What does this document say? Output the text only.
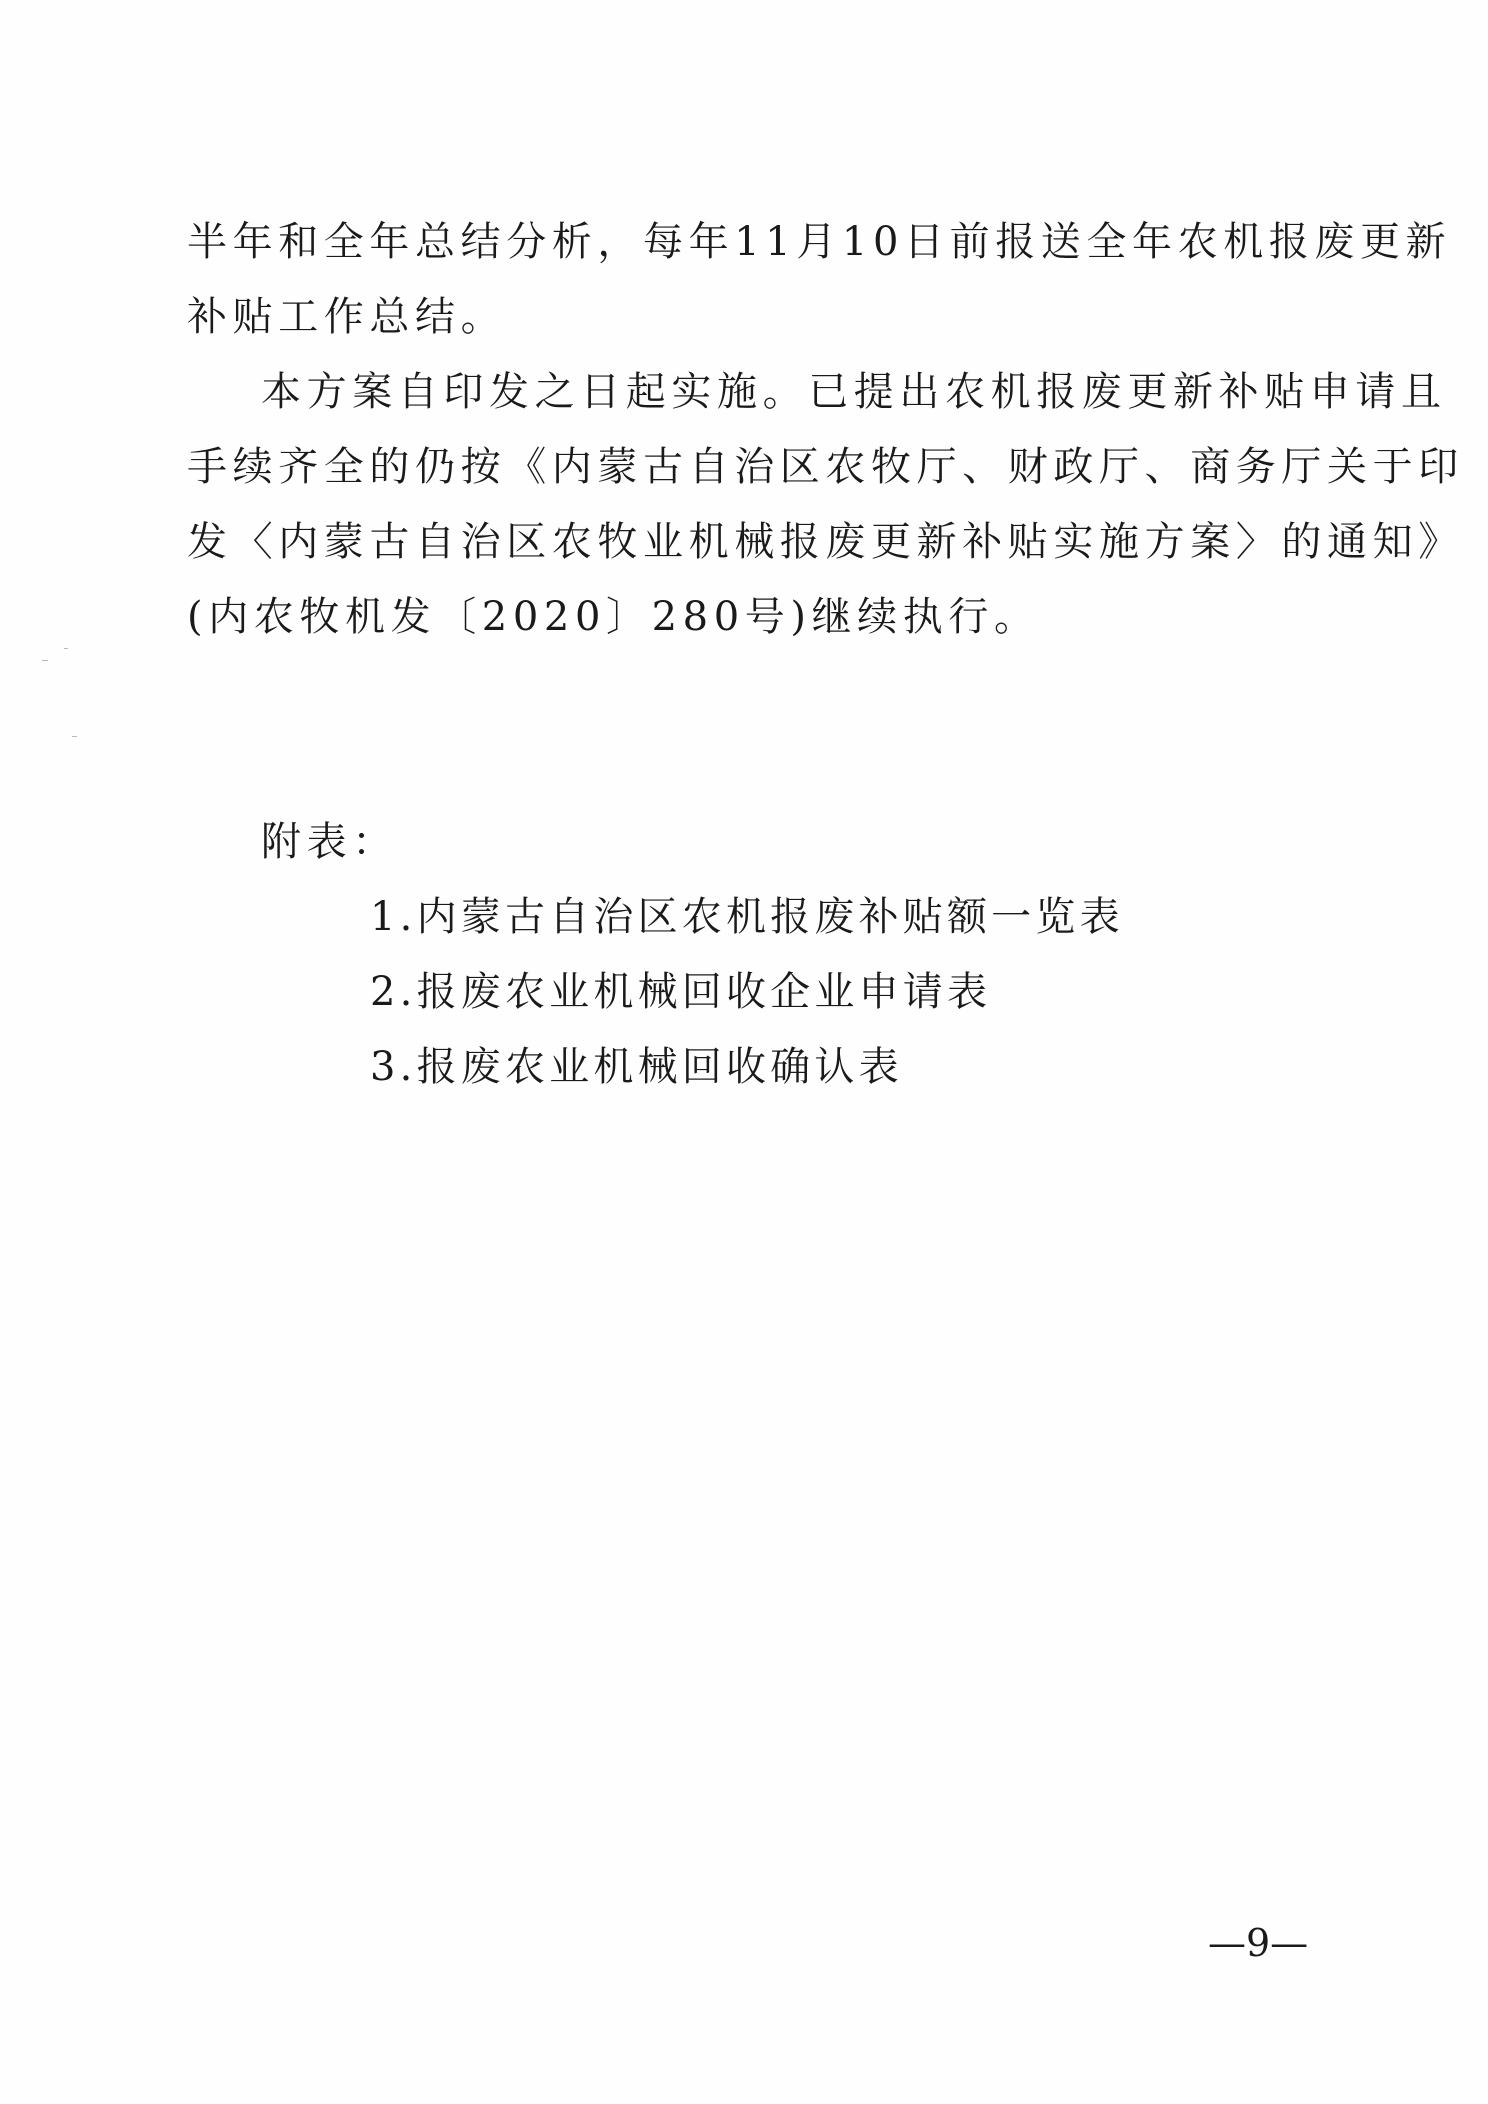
半年和全年总结分析，每年11月10日前报送全年农机报废更新
补贴工作总结。
本方案自印发之日起实施。已提出农机报废更新补贴申请且
手续齐全的仍按《内蒙古自治区农牧厅、财政厅、商务厅关于印
发〈内蒙古自治区农牧业机械报废更新补贴实施方案〉的通知》
(内农牧机发〔2020〕280号)继续执行。
附表：
1.内蒙古自治区农机报废补贴额一览表
2.报废农业机械回收企业申请表
3.报废农业机械回收确认表
—9—
